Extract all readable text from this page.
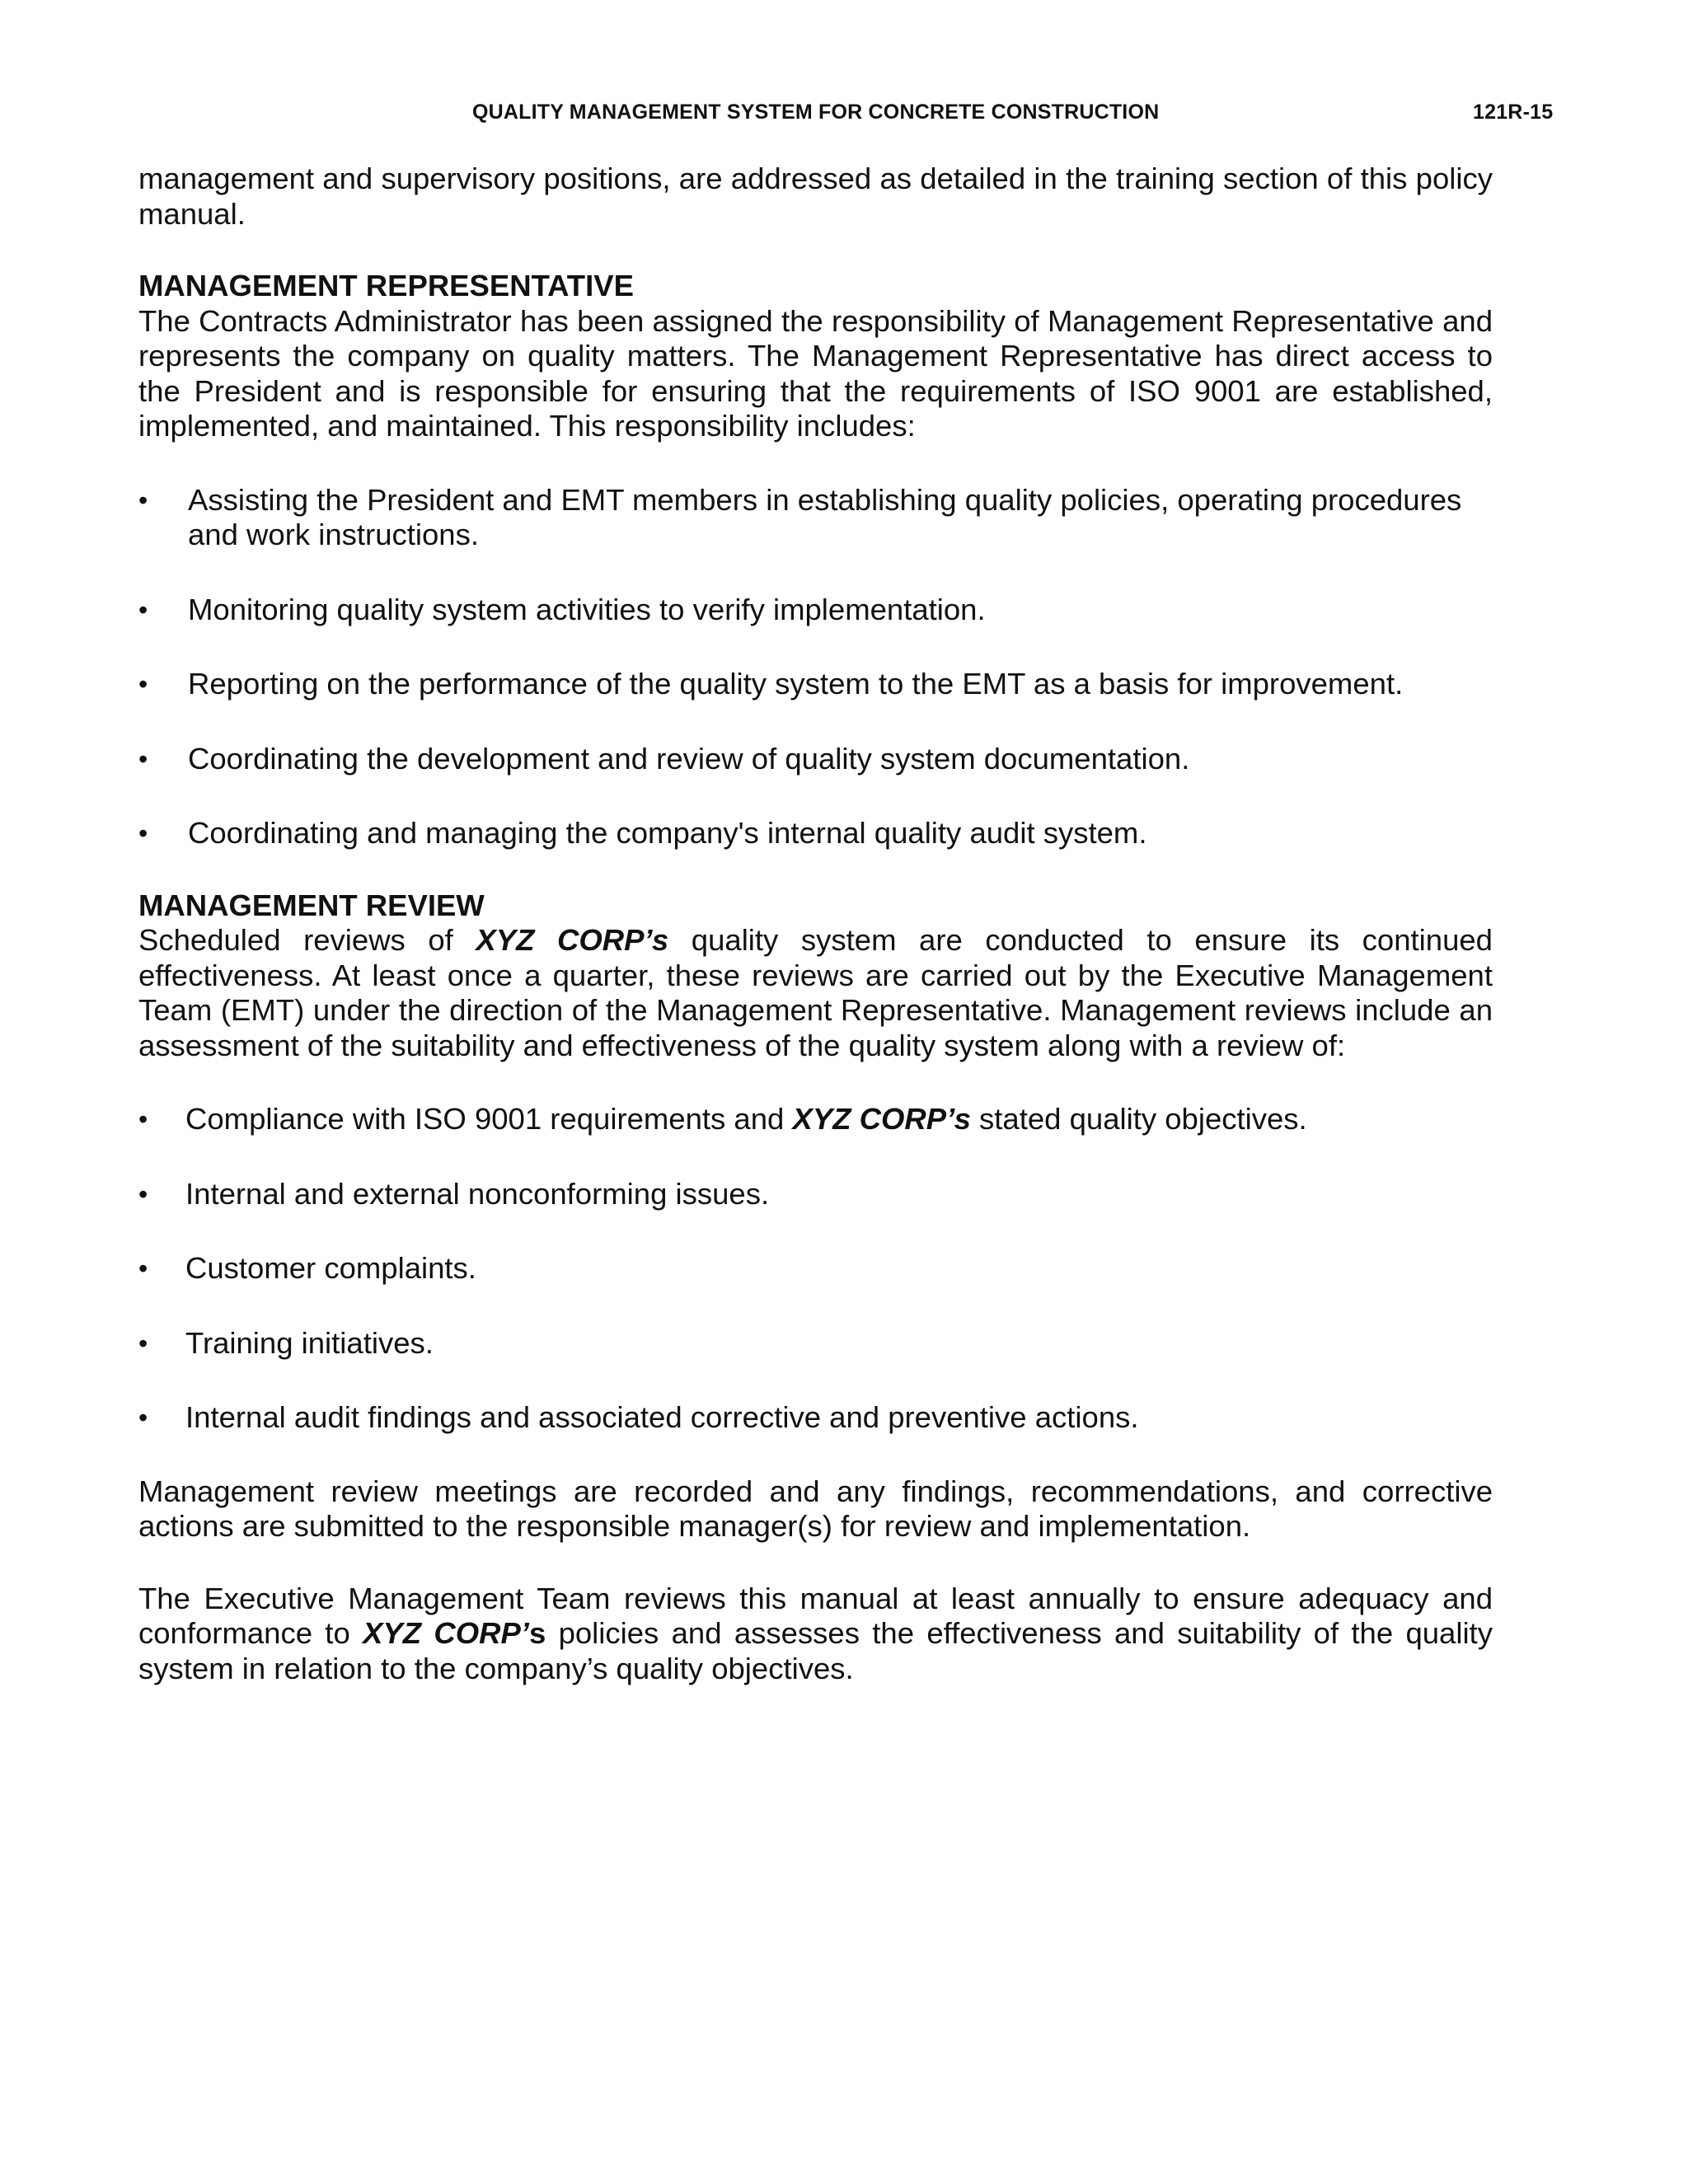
QUALITY MANAGEMENT SYSTEM FOR CONCRETE CONSTRUCTION	121R-15

management and supervisory positions, are addressed as detailed in the training section of this policy manual.

MANAGEMENT REPRESENTATIVE

The Contracts Administrator has been assigned the responsibility of Management Representative and represents the company on quality matters. The Management Representative has direct access to the President and is responsible for ensuring that the requirements of ISO 9001 are established, implemented, and maintained. This responsibility includes:

• Assisting the President and EMT members in establishing quality policies, operating procedures and work instructions.
• Monitoring quality system activities to verify implementation.
• Reporting on the performance of the quality system to the EMT as a basis for improvement.
• Coordinating the development and review of quality system documentation.
• Coordinating and managing the company's internal quality audit system.
MANAGEMENT REVIEW

Scheduled reviews of XYZ CORP’s quality system are conducted to ensure its continued effectiveness. At least once a quarter, these reviews are carried out by the Executive Management Team (EMT) under the direction of the Management Representative. Management reviews include an assessment of the suitability and effectiveness of the quality system along with a review of:

• Compliance with ISO 9001 requirements and XYZ CORP’s stated quality objectives.
• Internal and external nonconforming issues.
• Customer complaints.
• Training initiatives.
• Internal audit findings and associated corrective and preventive actions.

Management review meetings are recorded and any findings, recommendations, and corrective actions are submitted to the responsible manager(s) for review and implementation.

The Executive Management Team reviews this manual at least annually to ensure adequacy and conformance to XYZ CORP’s policies and assesses the effectiveness and suitability of the quality system in relation to the company’s quality objectives.
